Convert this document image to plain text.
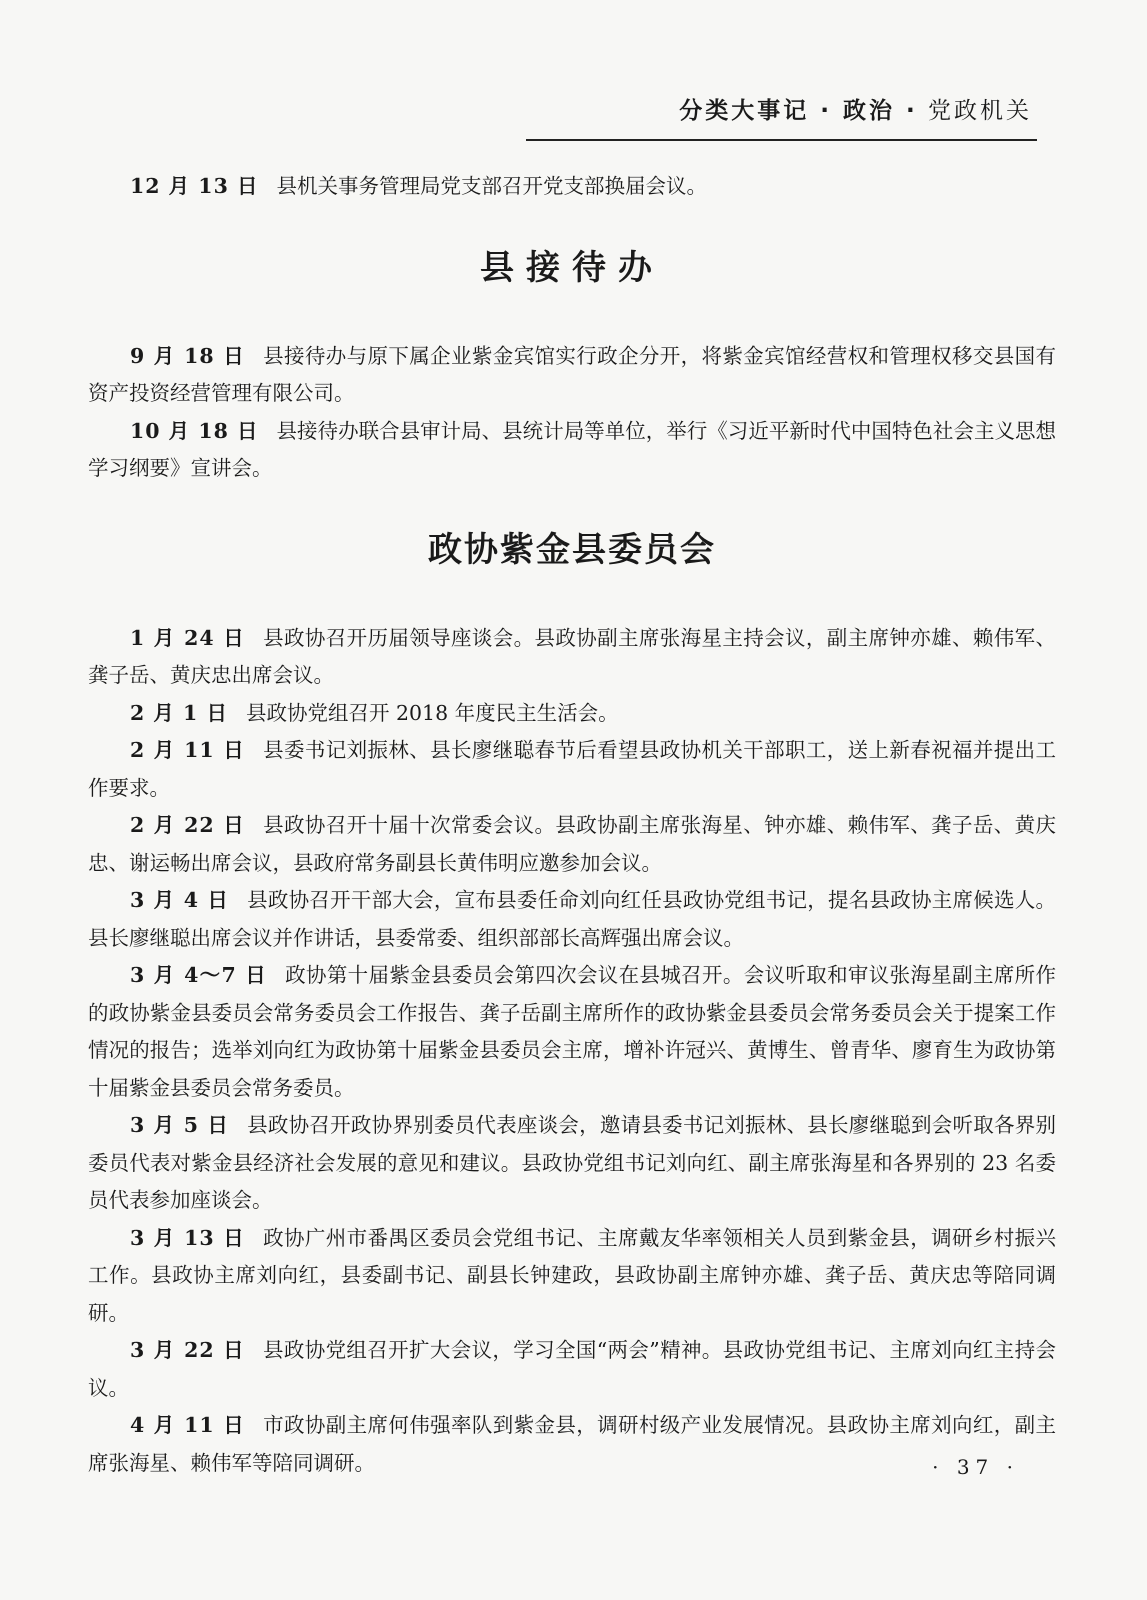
分类大事记 · 政治 · 党政机关

12 月 13 日 县机关事务管理局党支部召开党支部换届会议。

县接待办

9 月 18 日 县接待办与原下属企业紫金宾馆实行政企分开，将紫金宾馆经营权和管理权移交县国有资产投资经营管理有限公司。

10 月 18 日 县接待办联合县审计局、县统计局等单位，举行《习近平新时代中国特色社会主义思想学习纲要》宣讲会。

政协紫金县委员会

1 月 24 日 县政协召开历届领导座谈会。县政协副主席张海星主持会议，副主席钟亦雄、赖伟军、龚子岳、黄庆忠出席会议。

2 月 1 日 县政协党组召开 2018 年度民主生活会。

2 月 11 日 县委书记刘振林、县长廖继聪春节后看望县政协机关干部职工，送上新春祝福并提出工作要求。

2 月 22 日 县政协召开十届十次常委会议。县政协副主席张海星、钟亦雄、赖伟军、龚子岳、黄庆忠、谢运畅出席会议，县政府常务副县长黄伟明应邀参加会议。

3 月 4 日 县政协召开干部大会，宣布县委任命刘向红任县政协党组书记，提名县政协主席候选人。县长廖继聪出席会议并作讲话，县委常委、组织部部长高辉强出席会议。

3 月 4～7 日 政协第十届紫金县委员会第四次会议在县城召开。会议听取和审议张海星副主席所作的政协紫金县委员会常务委员会工作报告、龚子岳副主席所作的政协紫金县委员会常务委员会关于提案工作情况的报告；选举刘向红为政协第十届紫金县委员会主席，增补许冠兴、黄博生、曾青华、廖育生为政协第十届紫金县委员会常务委员。

3 月 5 日 县政协召开政协界别委员代表座谈会，邀请县委书记刘振林、县长廖继聪到会听取各界别委员代表对紫金县经济社会发展的意见和建议。县政协党组书记刘向红、副主席张海星和各界别的 23 名委员代表参加座谈会。

3 月 13 日 政协广州市番禺区委员会党组书记、主席戴友华率领相关人员到紫金县，调研乡村振兴工作。县政协主席刘向红，县委副书记、副县长钟建政，县政协副主席钟亦雄、龚子岳、黄庆忠等陪同调研。

3 月 22 日 县政协党组召开扩大会议，学习全国“两会”精神。县政协党组书记、主席刘向红主持会议。

4 月 11 日 市政协副主席何伟强率队到紫金县，调研村级产业发展情况。县政协主席刘向红，副主席张海星、赖伟军等陪同调研。	· 37 ·
